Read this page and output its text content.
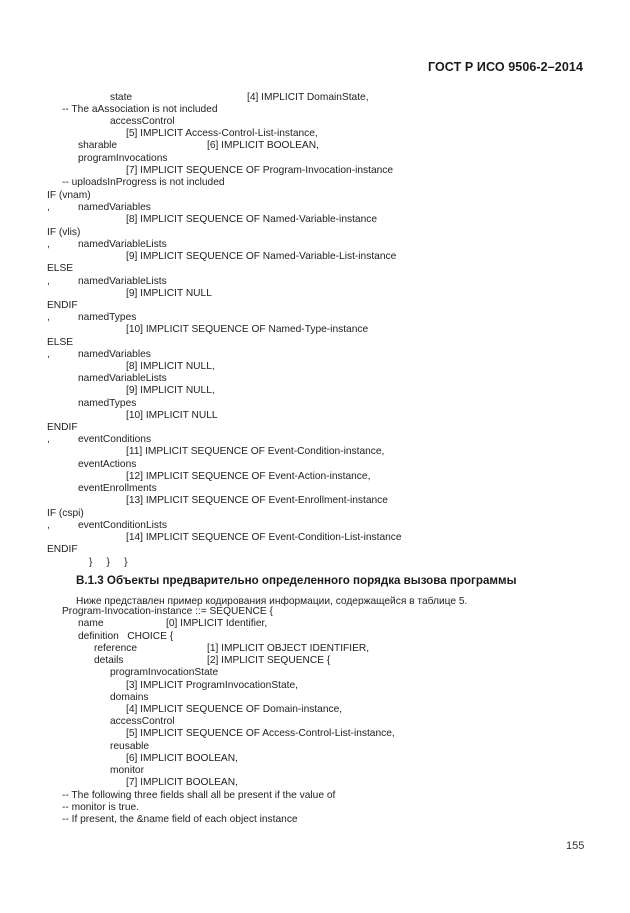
ГОСТ Р ИСО 9506-2–2014
state	[4] IMPLICIT DomainState,
-- The aAssociation is not included
accessControl
[5] IMPLICIT Access-Control-List-instance,
sharable	[6] IMPLICIT BOOLEAN,
programInvocations
[7] IMPLICIT SEQUENCE OF Program-Invocation-instance
-- uploadsInProgress is not included
IF (vnam)
,	namedVariables
[8] IMPLICIT SEQUENCE OF Named-Variable-instance
IF (vlis)
,	namedVariableLists
[9] IMPLICIT SEQUENCE OF Named-Variable-List-instance
ELSE
,	namedVariableLists
[9] IMPLICIT NULL
ENDIF
,	namedTypes
[10] IMPLICIT SEQUENCE OF Named-Type-instance
ELSE
,	namedVariables
[8] IMPLICIT NULL,
namedVariableLists
[9] IMPLICIT NULL,
namedTypes
[10] IMPLICIT NULL
ENDIF
,	eventConditions
[11] IMPLICIT SEQUENCE OF Event-Condition-instance,
eventActions
[12] IMPLICIT SEQUENCE OF Event-Action-instance,
eventEnrollments
[13] IMPLICIT SEQUENCE OF Event-Enrollment-instance
IF (cspi)
,	eventConditionLists
[14] IMPLICIT SEQUENCE OF Event-Condition-List-instance
ENDIF
}     }     }
B.1.3 Объекты предварительно определенного порядка вызова программы
Ниже представлен пример кодирования информации, содержащейся в таблице 5.
Program-Invocation-instance ::= SEQUENCE {
name	[0] IMPLICIT Identifier,
definition   CHOICE {
reference	[1] IMPLICIT OBJECT IDENTIFIER,
details	[2] IMPLICIT SEQUENCE {
programInvocationState
[3] IMPLICIT ProgramInvocationState,
domains
[4] IMPLICIT SEQUENCE OF Domain-instance,
accessControl
[5] IMPLICIT SEQUENCE OF Access-Control-List-instance,
reusable
[6] IMPLICIT BOOLEAN,
monitor
[7] IMPLICIT BOOLEAN,
-- The following three fields shall all be present if the value of
-- monitor is true.
-- If present, the &name field of each object instance
155
